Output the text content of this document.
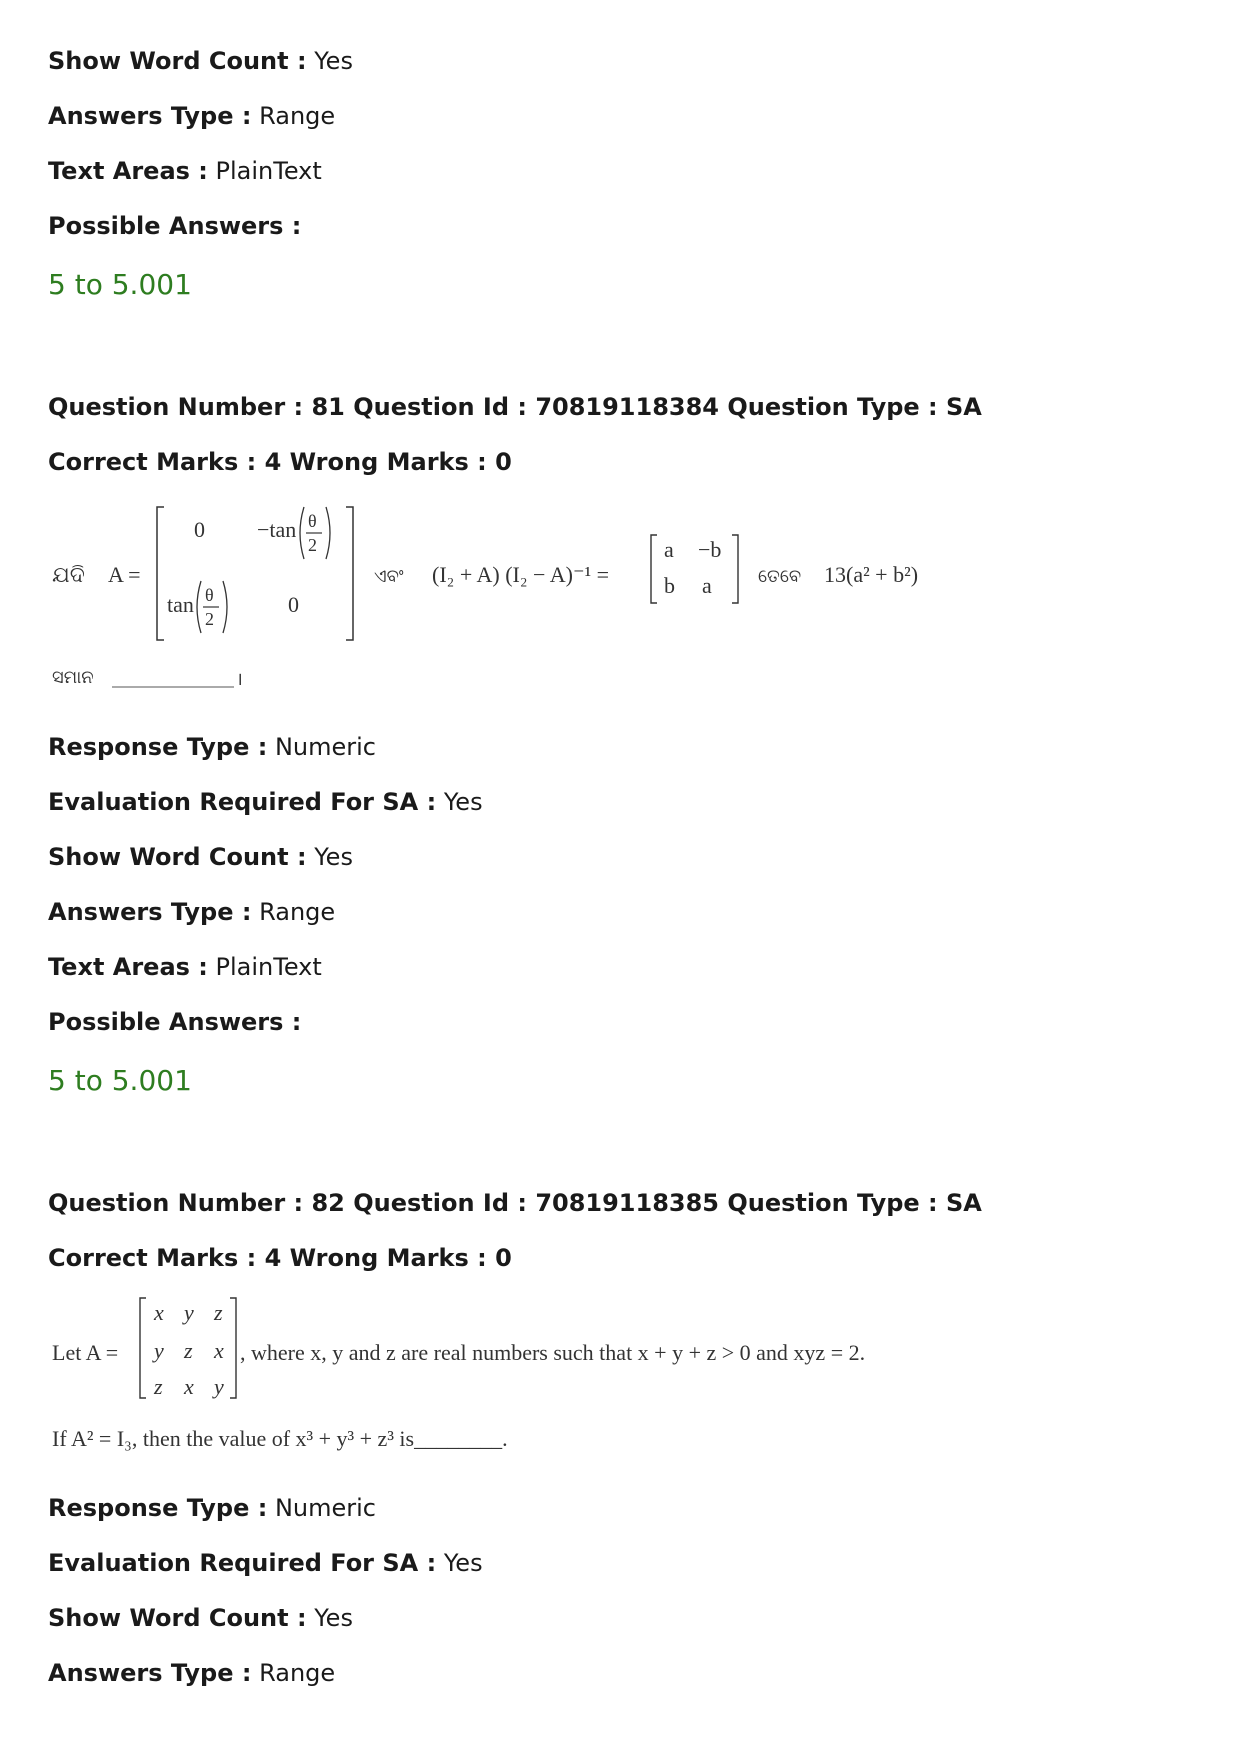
Show Word Count : Yes
Answers Type : Range
Text Areas : PlainText
Possible Answers :
5 to 5.001
Question Number : 81 Question Id : 70819118384 Question Type : SA
Correct Marks : 4 Wrong Marks : 0
ଯଦି A =
0 −tan θ
2
tan θ
2
0
ଏବଂ (I₂ + A) (I₂ − A)⁻¹ =
a −b
b a	ତେବେ 13(a² + b²)
ସମାନ	।
Response Type : Numeric
Evaluation Required For SA : Yes
Show Word Count : Yes
Answers Type : Range
Text Areas : PlainText
Possible Answers :
5 to 5.001
Question Number : 82 Question Id : 70819118385 Question Type : SA
Correct Marks : 4 Wrong Marks : 0
Let A =
x y z
y z x
z x y
, where x, y and z are real numbers such that x + y + z > 0 and xyz = 2.
If A² = I₃, then the value of x³ + y³ + z³ is________.
Response Type : Numeric
Evaluation Required For SA : Yes
Show Word Count : Yes
Answers Type : Range
